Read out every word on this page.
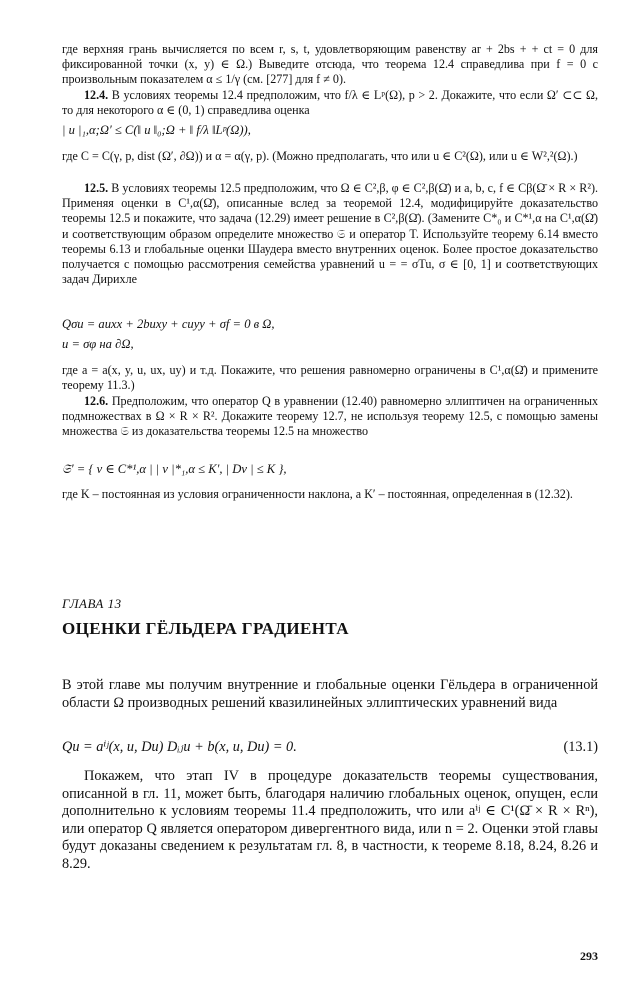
где верхняя грань вычисляется по всем r, s, t, удовлетворяющим равенству ar + 2bs + + ct = 0 для фиксированной точки (x, y) ∈ Ω.) Выведите отсюда, что теорема 12.4 справедлива при f = 0 с произвольным показателем α ≤ 1/γ (см. [277] для f ≠ 0).

12.4. В условиях теоремы 12.4 предположим, что f/λ ∈ Lᵖ(Ω), p > 2. Докажите, что если Ω′ ⊂⊂ Ω, то для некоторого α ∈ (0, 1) справедлива оценка

| u |₁,α;Ω′ ≤ C(‖ u ‖₀;Ω + ‖ f/λ ‖Lᵖ(Ω)),

где C = C(γ, p, dist (Ω′, ∂Ω)) и α = α(γ, p). (Можно предполагать, что или u ∈ C²(Ω), или u ∈ W²,²(Ω).)

12.5. В условиях теоремы 12.5 предположим, что Ω ∈ C²,β, φ ∈ C²,β(Ω̄) и a, b, c, f ∈ Cβ(Ω̄ × R × R²). Применяя оценки в C¹,α(Ω̄), описанные вслед за теоремой 12.4, модифицируйте доказательство теоремы 12.5 и покажите, что задача (12.29) имеет решение в C²,β(Ω̄). (Замените C*₀ и C*¹,α на C¹,α(Ω̄) и соответствующим образом определите множество 𝔖 и оператор T. Используйте теорему 6.14 вместо теоремы 6.13 и глобальные оценки Шаудера вместо внутренних оценок. Более простое доказательство получается с помощью рассмотрения семейства уравнений u = = σTu, σ ∈ [0, 1] и соответствующих задач Дирихле

Qσu = auxx + 2buxy + cuyy + σf = 0 в Ω,

u = σφ на ∂Ω,

где a = a(x, y, u, ux, uy) и т.д. Покажите, что решения равномерно ограничены в C¹,α(Ω̄) и примените теорему 11.3.)

12.6. Предположим, что оператор Q в уравнении (12.40) равномерно эллиптичен на ограниченных подмножествах в Ω × R × R². Докажите теорему 12.7, не используя теорему 12.5, с помощью замены множества 𝔖 из доказательства теоремы 12.5 на множество

𝔖′ = { v ∈ C*¹,α | | v |*₁,α ≤ K′, | Dv | ≤ K },

где K – постоянная из условия ограниченности наклона, а K′ – постоянная, определенная в (12.32).

ГЛАВА 13

ОЦЕНКИ ГЁЛЬДЕРА ГРАДИЕНТА

В этой главе мы получим внутренние и глобальные оценки Гёльдера в ограниченной области Ω производных решений квазилинейных эллиптических уравнений вида

Qu = aⁱʲ(x, u, Du) Dᵢⱼu + b(x, u, Du) = 0.	(13.1)

Покажем, что этап IV в процедуре доказательств теоремы существования, описанной в гл. 11, может быть, благодаря наличию глобальных оценок, опущен, если дополнительно к условиям теоремы 11.4 предположить, что или aⁱʲ ∈ C¹(Ω̄ × R × Rⁿ), или оператор Q является оператором дивергентного вида, или n = 2. Оценки этой главы будут доказаны сведением к результатам гл. 8, в частности, к теореме 8.18, 8.24, 8.26 и 8.29.

293
